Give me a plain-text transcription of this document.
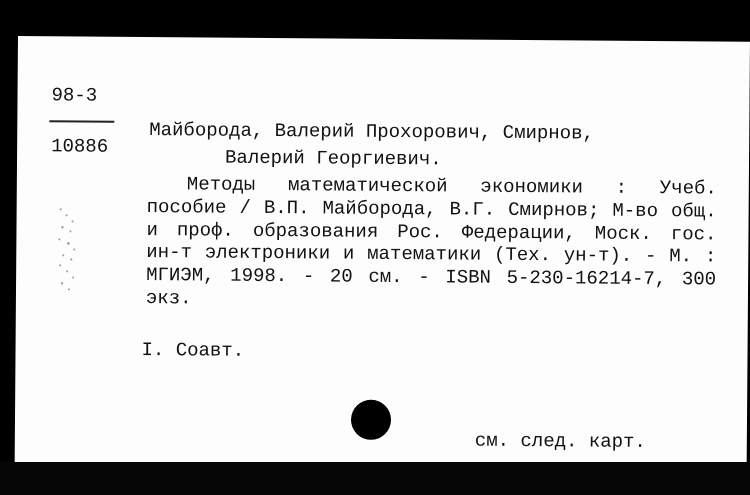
98-3
10886
Майборода, Валерий Прохорович, Смирнов,
Валерий Георгиевич.
Методы математической экономики : Учеб. пособие / В.П. Майборода, В.Г. Смирнов; М-во общ. и проф. образования Рос. Федерации, Моск. гос. ин-т электроники и математики (Тех. ун-т). - М. : МГИЭМ, 1998. - 20 см. - ISBN 5-230-16214-7, 300 экз.
I. Соавт.
см. след. карт.
